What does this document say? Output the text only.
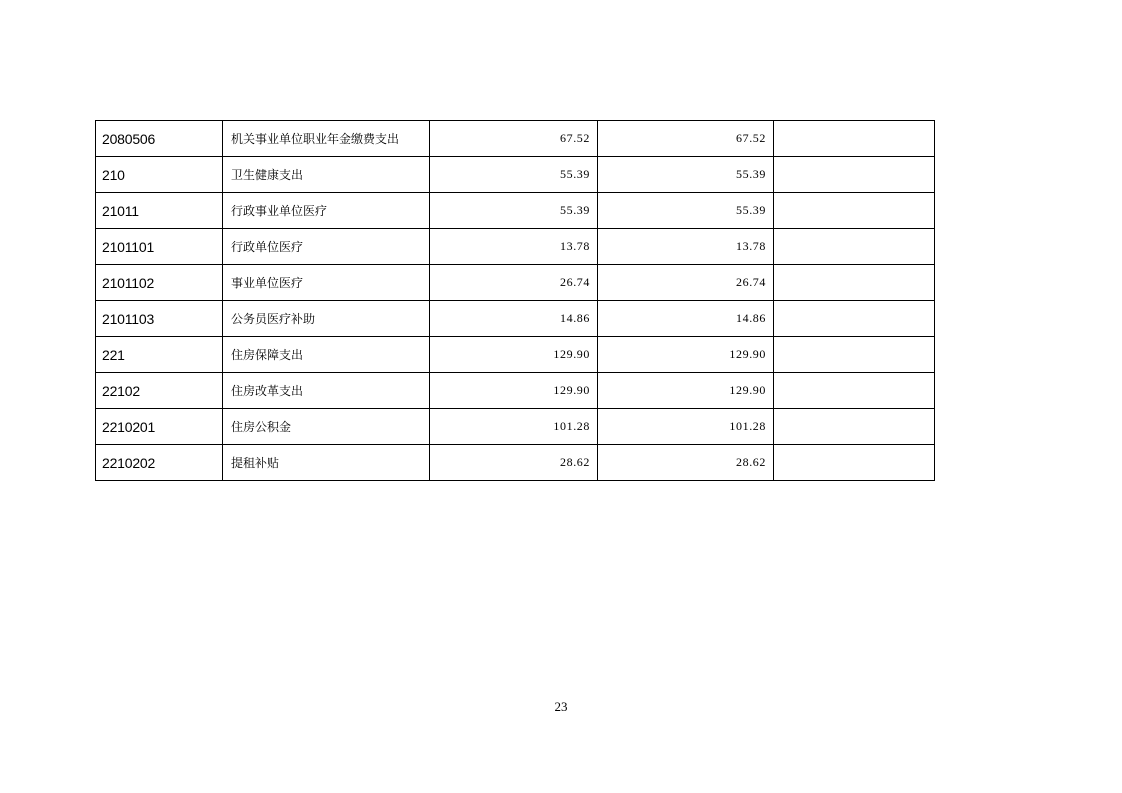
2080506	机关事业单位职业年金缴费支出	67.52	67.52	
210	卫生健康支出	55.39	55.39	
21011	行政事业单位医疗	55.39	55.39	
2101101	行政单位医疗	13.78	13.78	
2101102	事业单位医疗	26.74	26.74	
2101103	公务员医疗补助	14.86	14.86	
221	住房保障支出	129.90	129.90	
22102	住房改革支出	129.90	129.90	
2210201	住房公积金	101.28	101.28	
2210202	提租补贴	28.62	28.62	
23
